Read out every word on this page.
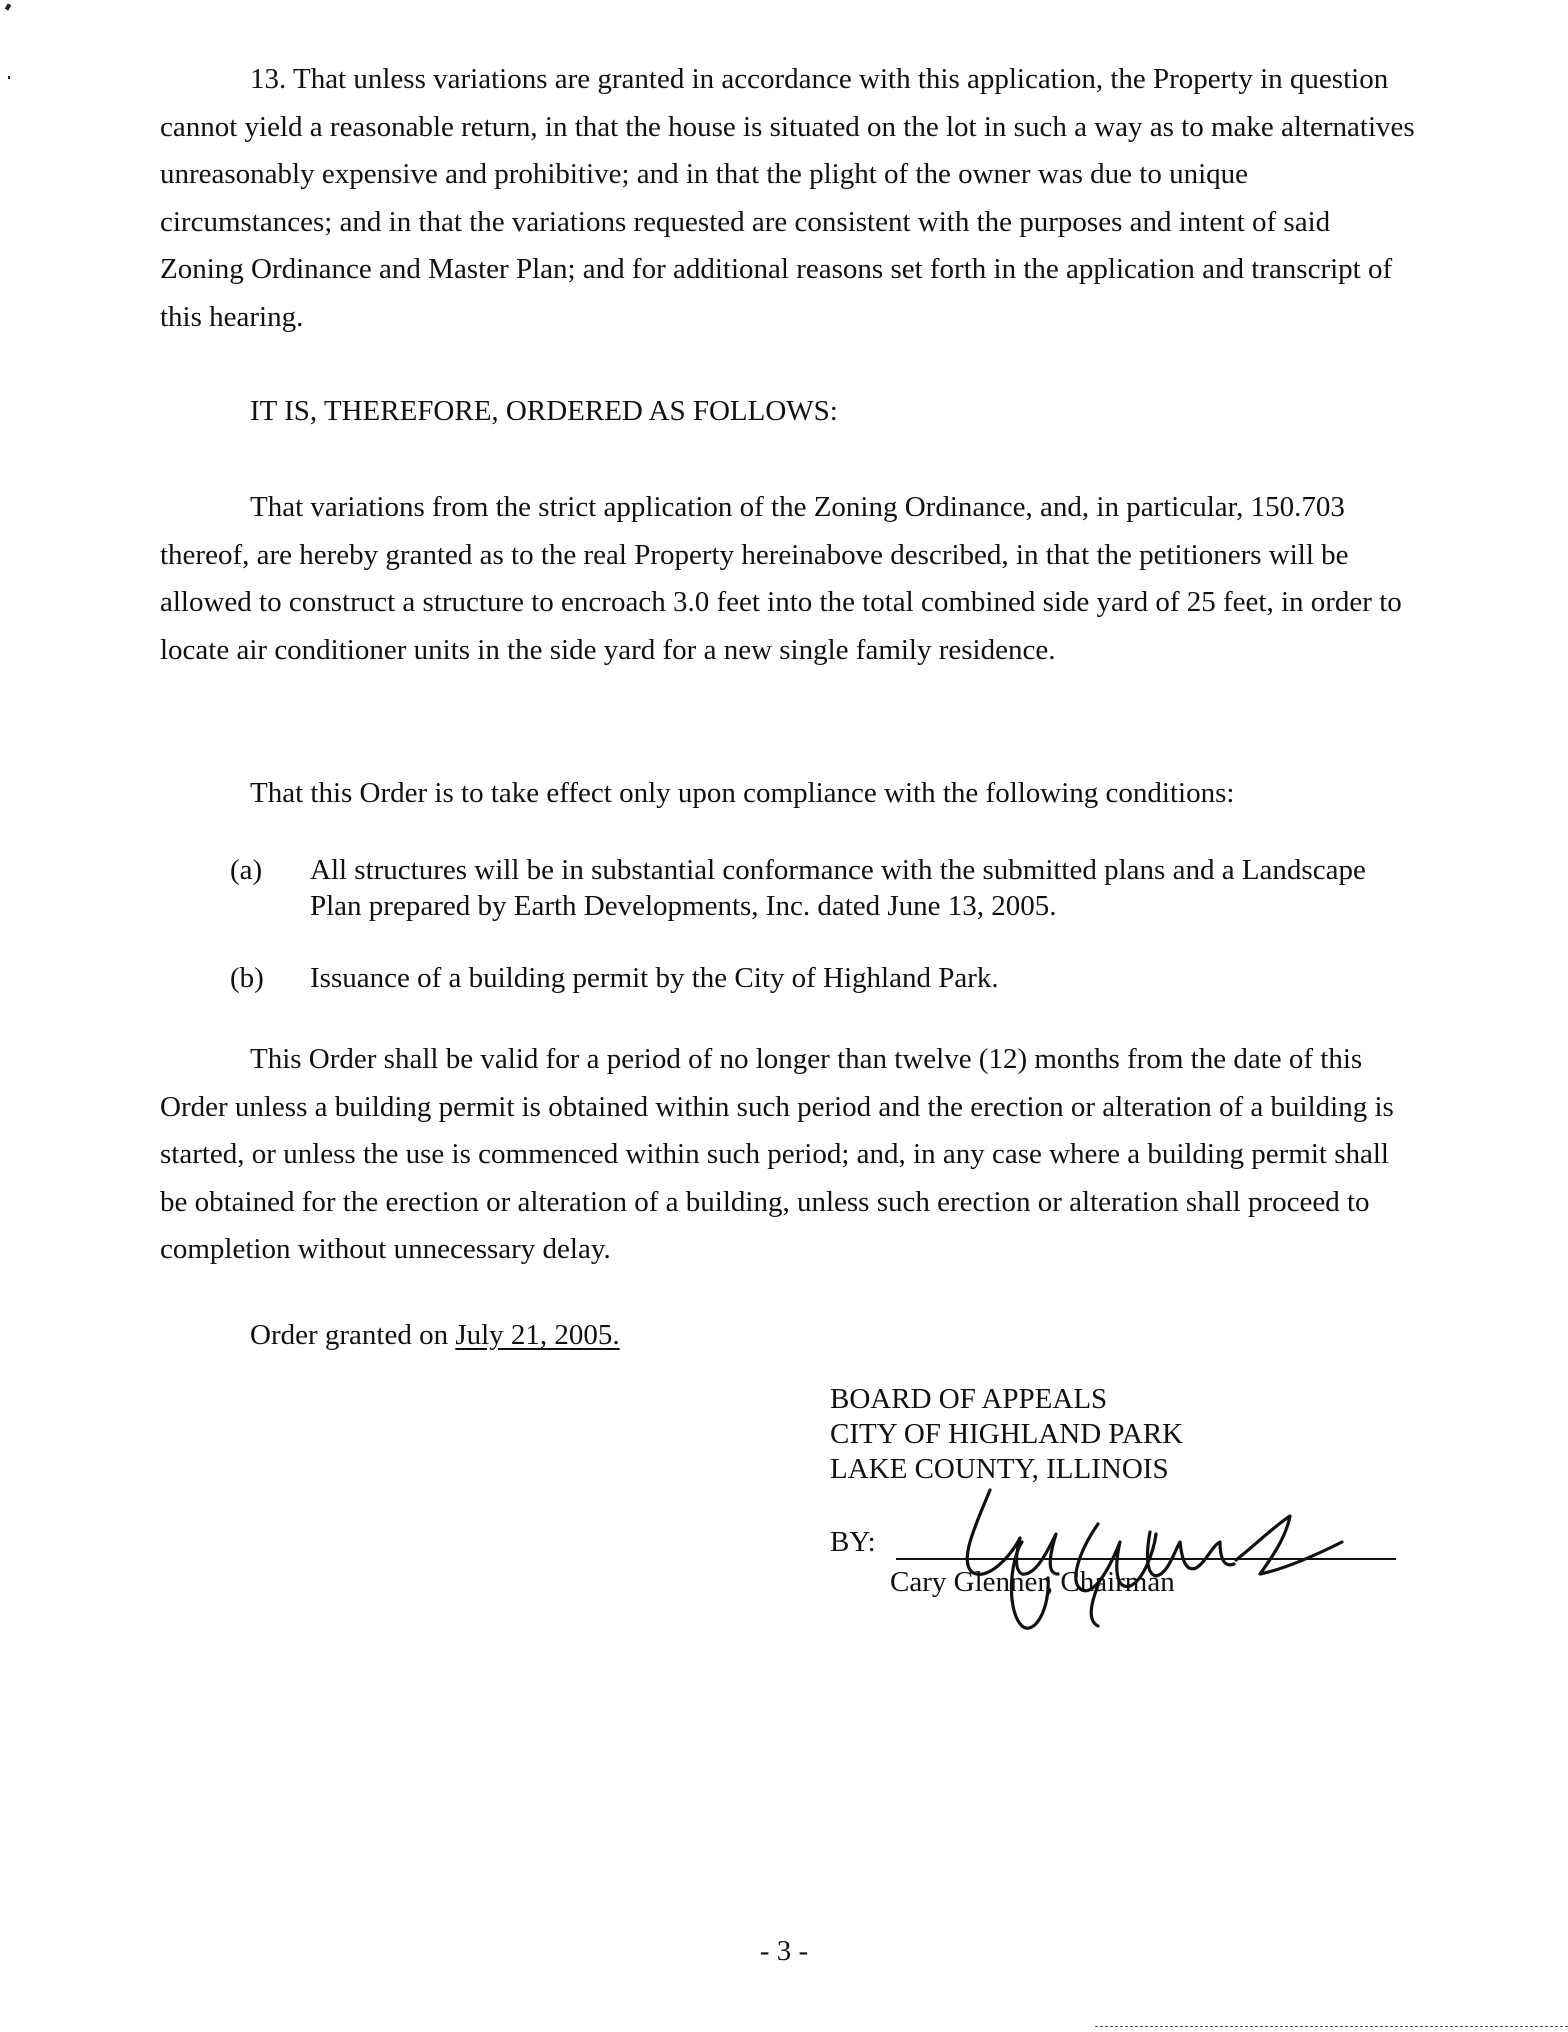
13. That unless variations are granted in accordance with this application, the Property in question cannot yield a reasonable return, in that the house is situated on the lot in such a way as to make alternatives unreasonably expensive and prohibitive; and in that the plight of the owner was due to unique circumstances; and in that the variations requested are consistent with the purposes and intent of said Zoning Ordinance and Master Plan; and for additional reasons set forth in the application and transcript of this hearing.

IT IS, THEREFORE, ORDERED AS FOLLOWS:

That variations from the strict application of the Zoning Ordinance, and, in particular, 150.703 thereof, are hereby granted as to the real Property hereinabove described, in that the petitioners will be allowed to construct a structure to encroach 3.0 feet into the total combined side yard of 25 feet, in order to locate air conditioner units in the side yard for a new single family residence.

That this Order is to take effect only upon compliance with the following conditions:

(a)	All structures will be in substantial conformance with the submitted plans and a Landscape Plan prepared by Earth Developments, Inc. dated June 13, 2005.
(b)	Issuance of a building permit by the City of Highland Park.

This Order shall be valid for a period of no longer than twelve (12) months from the date of this Order unless a building permit is obtained within such period and the erection or alteration of a building is started, or unless the use is commenced within such period; and, in any case where a building permit shall be obtained for the erection or alteration of a building, unless such erection or alteration shall proceed to completion without unnecessary delay.

Order granted on July 21, 2005.

BOARD OF APPEALS
CITY OF HIGHLAND PARK
LAKE COUNTY, ILLINOIS
BY:
Cary Glenner, Chairman
- 3 -
